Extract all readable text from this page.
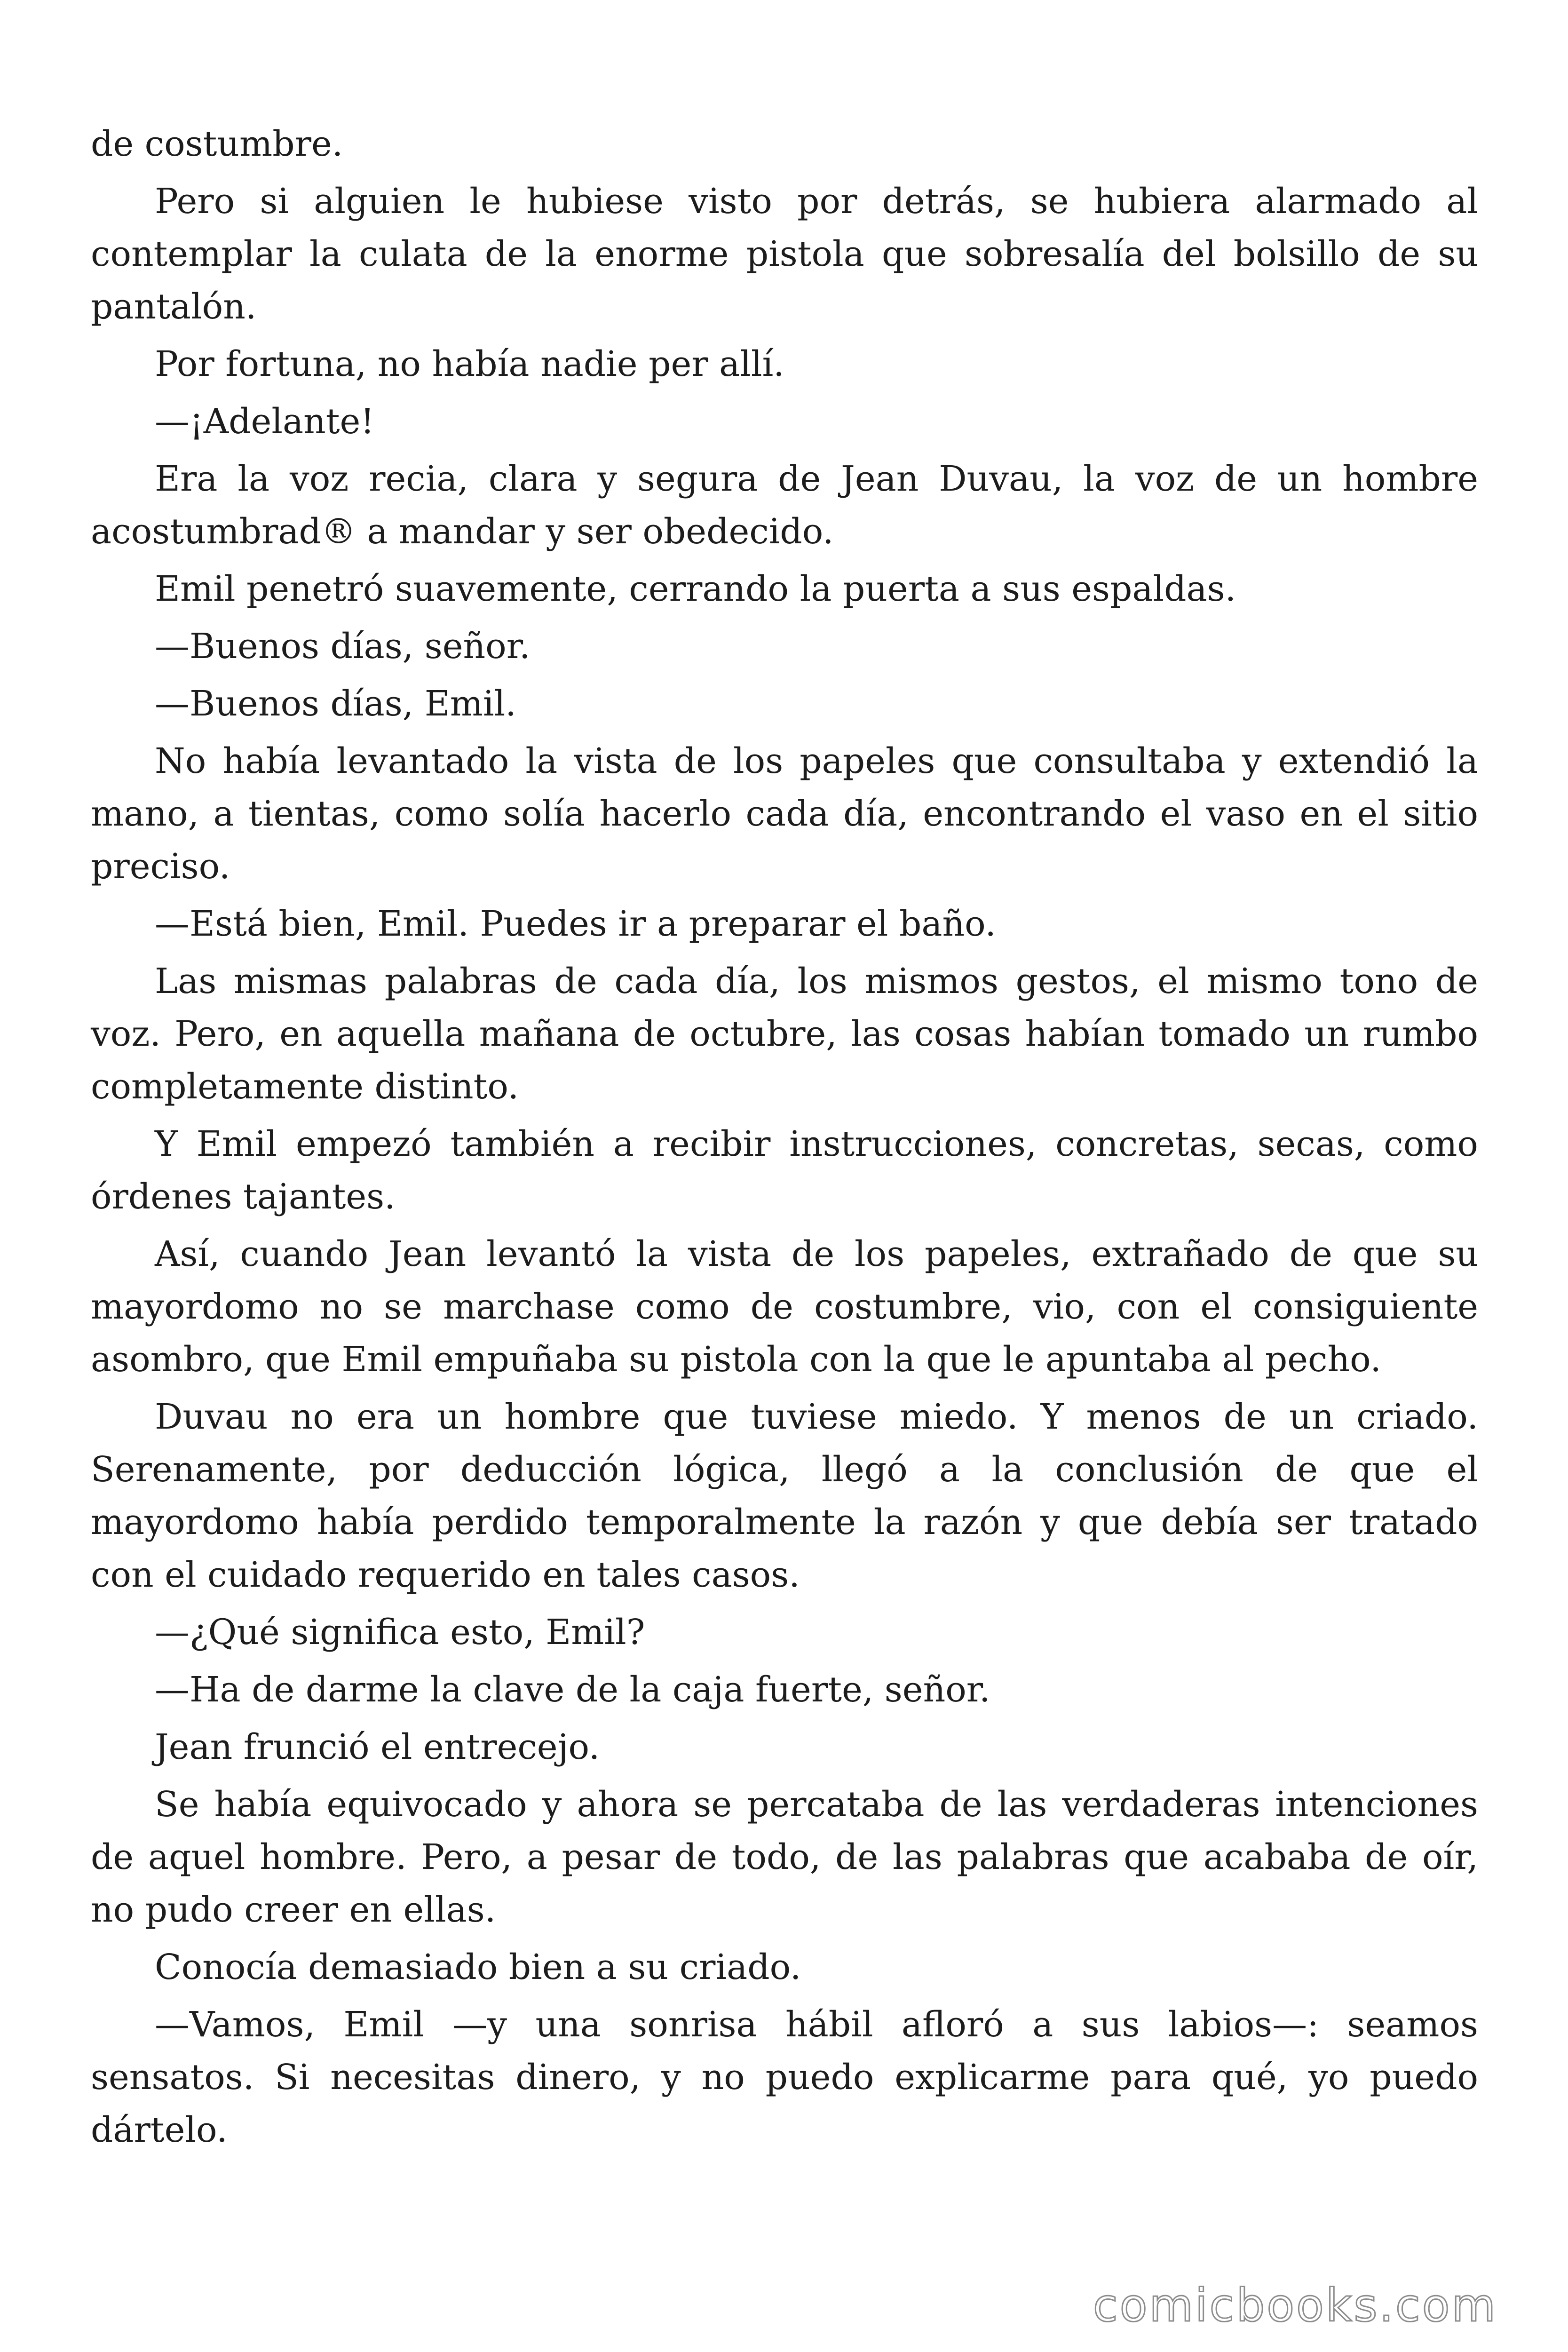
de costumbre.

Pero si alguien le hubiese visto por detrás, se hubiera alarmado al contemplar la culata de la enorme pistola que sobresalía del bolsillo de su pantalón.

Por fortuna, no había nadie per allí.

—¡Adelante!

Era la voz recia, clara y segura de Jean Duvau, la voz de un hombre acostumbrad® a mandar y ser obedecido.

Emil penetró suavemente, cerrando la puerta a sus espaldas.

—Buenos días, señor.

—Buenos días, Emil.

No había levantado la vista de los papeles que consultaba y extendió la mano, a tientas, como solía hacerlo cada día, encontrando el vaso en el sitio preciso.

—Está bien, Emil. Puedes ir a preparar el baño.

Las mismas palabras de cada día, los mismos gestos, el mismo tono de voz. Pero, en aquella mañana de octubre, las cosas habían tomado un rumbo completamente distinto.

Y Emil empezó también a recibir instrucciones, concretas, secas, como órdenes tajantes.

Así, cuando Jean levantó la vista de los papeles, extrañado de que su mayordomo no se marchase como de costumbre, vio, con el consiguiente asombro, que Emil empuñaba su pistola con la que le apuntaba al pecho.

Duvau no era un hombre que tuviese miedo. Y menos de un criado. Serenamente, por deducción lógica, llegó a la conclusión de que el mayordomo había perdido temporalmente la razón y que debía ser tratado con el cuidado requerido en tales casos.

—¿Qué significa esto, Emil?

—Ha de darme la clave de la caja fuerte, señor.

Jean frunció el entrecejo.

Se había equivocado y ahora se percataba de las verdaderas intenciones de aquel hombre. Pero, a pesar de todo, de las palabras que acababa de oír, no pudo creer en ellas.

Conocía demasiado bien a su criado.

—Vamos, Emil —y una sonrisa hábil afloró a sus labios—: seamos sensatos. Si necesitas dinero, y no puedo explicarme para qué, yo puedo dártelo.

comicbooks.com
